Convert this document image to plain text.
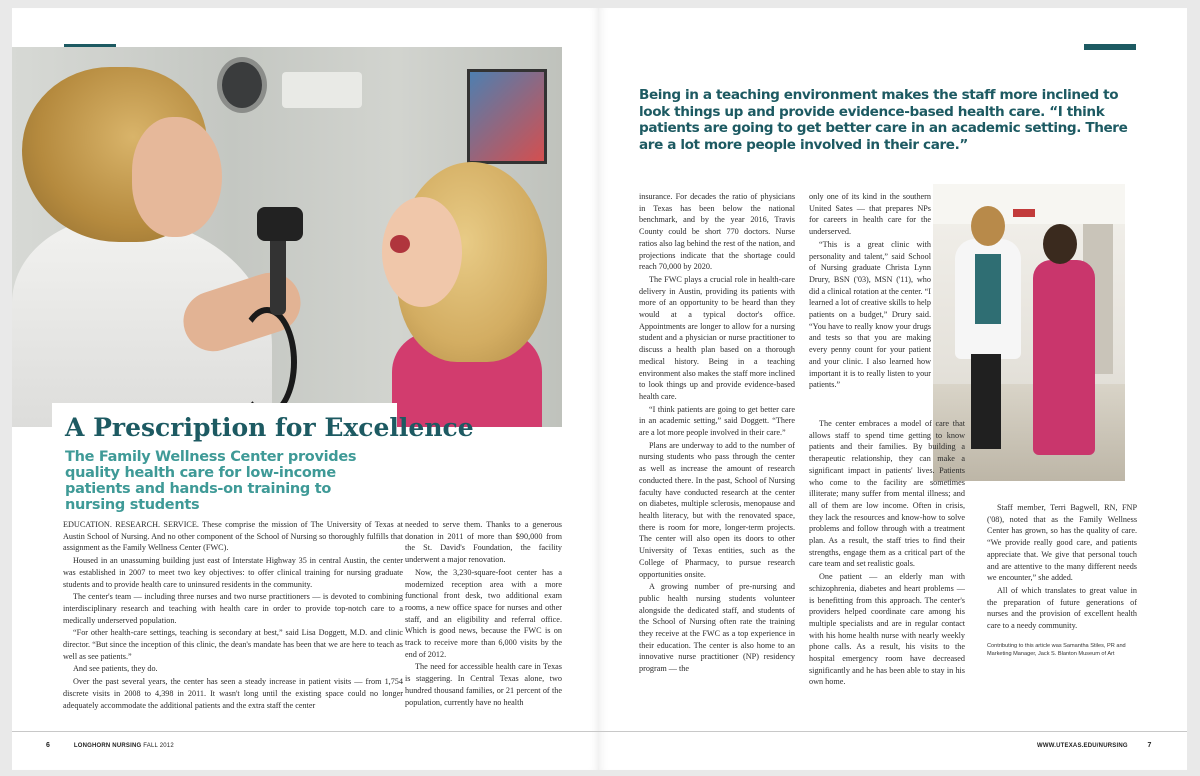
A Prescription for Excellence
The Family Wellness Center provides quality health care for low-income patients and hands-on training to nursing students

EDUCATION. RESEARCH. SERVICE. These comprise the mission of The University of Texas at Austin School of Nursing. And no other component of the School of Nursing so thoroughly fulfills that assignment as the Family Wellness Center (FWC).

Housed in an unassuming building just east of Interstate Highway 35 in central Austin, the center was established in 2007 to meet two key objectives: to offer clinical training for nursing graduate students and to provide health care to uninsured residents in the community.

The center's team — including three nurses and two nurse practitioners — is devoted to combining interdisciplinary research and teaching with health care in order to provide top-notch care to a medically underserved population.

“For other health-care settings, teaching is secondary at best,” said Lisa Doggett, M.D. and clinic director. “But since the inception of this clinic, the dean's mandate has been that we are here to teach as well as see patients.”

And see patients, they do.

Over the past several years, the center has seen a steady increase in patient visits — from 1,754 discrete visits in 2008 to 4,398 in 2011. It wasn't long until the existing space could no longer adequately accommodate the additional patients and the extra staff the center

needed to serve them. Thanks to a generous donation in 2011 of more than $90,000 from the St. David's Foundation, the facility underwent a major renovation.

Now, the 3,230-square-foot center has a modernized reception area with a more functional front desk, two additional exam rooms, a new office space for nurses and other staff, and an eligibility and referral office. Which is good news, because the FWC is on track to receive more than 6,000 visits by the end of 2012.

The need for accessible health care in Texas is staggering. In Central Texas alone, two hundred thousand families, or 21 percent of the population, currently have no health

6	LONGHORN NURSING FALL 2012
Being in a teaching environment makes the staff more inclined to look things up and provide evidence-based health care. “I think patients are going to get better care in an academic setting. There are a lot more people involved in their care.”

insurance. For decades the ratio of physicians in Texas has been below the national benchmark, and by the year 2016, Travis County could be short 770 doctors. Nurse ratios also lag behind the rest of the nation, and projections indicate that the shortage could reach 70,000 by 2020.

The FWC plays a crucial role in health-care delivery in Austin, providing its patients with more of an opportunity to be heard than they would at a typical doctor's office. Appointments are longer to allow for a nursing student and a physician or nurse practitioner to discuss a health plan based on a thorough medical history. Being in a teaching environment also makes the staff more inclined to look things up and provide evidence-based health care.

“I think patients are going to get better care in an academic setting,” said Doggett. “There are a lot more people involved in their care.”

Plans are underway to add to the number of nursing students who pass through the center as well as increase the amount of research conducted there. In the past, School of Nursing faculty have conducted research at the center on diabetes, multiple sclerosis, menopause and health literacy, but with the renovated space, there is room for more, longer-term projects. The center will also open its doors to other University of Texas entities, such as the College of Pharmacy, to pursue research opportunities onsite.

A growing number of pre-nursing and public health nursing students volunteer alongside the dedicated staff, and students of the School of Nursing often rate the training they receive at the FWC as a top experience in their education. The center is also home to an innovative nurse practitioner (NP) residency program — the

only one of its kind in the southern United Sates — that prepares NPs for careers in health care for the underserved.

“This is a great clinic with personality and talent,” said School of Nursing graduate Christa Lynn Drury, BSN ('03), MSN ('11), who did a clinical rotation at the center. “I learned a lot of creative skills to help patients on a budget,” Drury said. “You have to really know your drugs and tests so that you are making every penny count for your patient and your clinic. I also learned how important it is to really listen to your patients.”

The center embraces a model of care that allows staff to spend time getting to know patients and their families. By building a therapeutic relationship, they can make a significant impact in patients' lives. Patients who come to the facility are sometimes illiterate; many suffer from mental illness; and all of them are low income. Often in crisis, they lack the resources and know-how to solve problems and follow through with a treatment plan. As a result, the staff tries to find their strengths, engage them as a critical part of the care team and set realistic goals.

One patient — an elderly man with schizophrenia, diabetes and heart problems — is benefitting from this approach. The center's providers helped coordinate care among his multiple specialists and are in regular contact with his home health nurse with nearly weekly phone calls. As a result, his visits to the hospital emergency room have decreased significantly and he has been able to stay in his own home.

Staff member, Terri Bagwell, RN, FNP ('08), noted that as the Family Wellness Center has grown, so has the quality of care. “We provide really good care, and patients appreciate that. We give that personal touch and are attentive to the many different needs we encounter,” she added.

All of which translates to great value in the preparation of future generations of nurses and the provision of excellent health care to a needy community.

Contributing to this article was Samantha Stiles, PR and Marketing Manager, Jack S. Blanton Museum of Art
WWW.UTEXAS.EDU/NURSING	7
